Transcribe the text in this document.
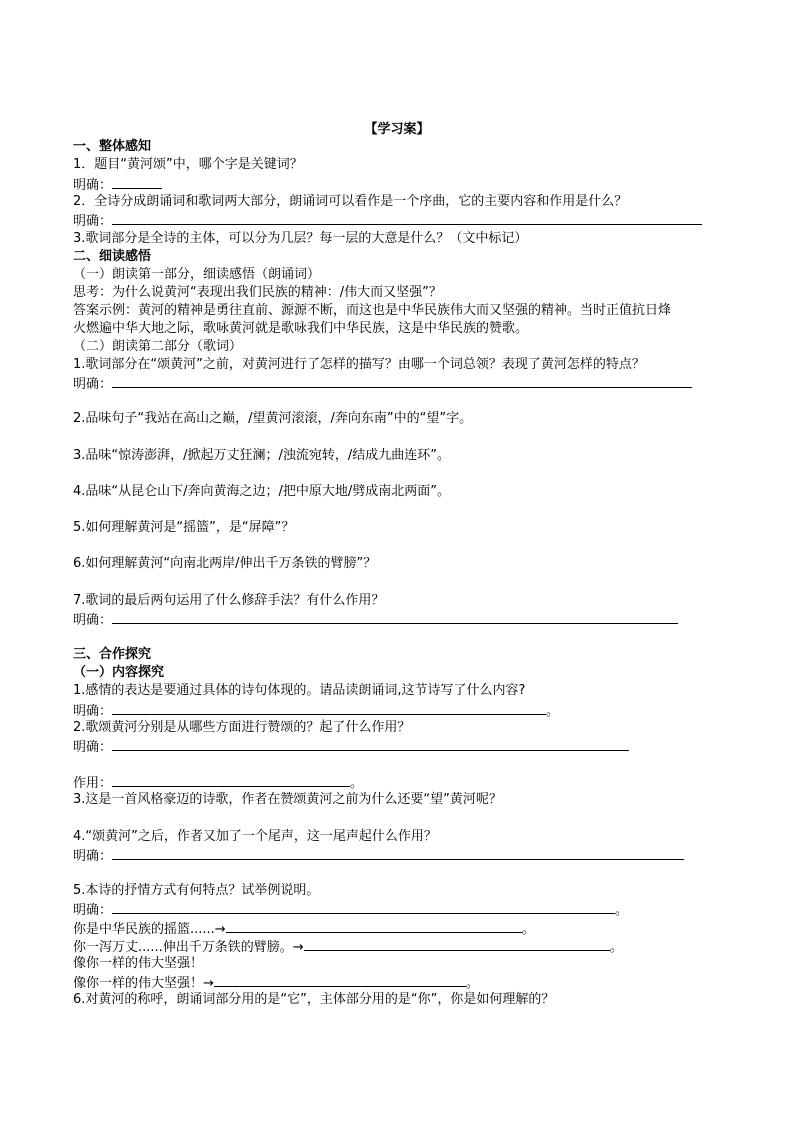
【学习案】
一、整体感知
1．题目“黄河颂”中，哪个字是关键词？
明确：
2．全诗分成朗诵词和歌词两大部分，朗诵词可以看作是一个序曲，它的主要内容和作用是什么？
明确：
3.歌词部分是全诗的主体，可以分为几层？每一层的大意是什么？（文中标记）
二、细读感悟
（一）朗读第一部分，细读感悟（朗诵词）
思考：为什么说黄河“表现出我们民族的精神：/伟大而又坚强”？
答案示例：黄河的精神是勇往直前、源源不断，而这也是中华民族伟大而又坚强的精神。当时正值抗日烽
火燃遍中华大地之际，歌咏黄河就是歌咏我们中华民族，这是中华民族的赞歌。
（二）朗读第二部分（歌词）
1.歌词部分在“颂黄河”之前，对黄河进行了怎样的描写？由哪一个词总领？表现了黄河怎样的特点？
明确：
2.品味句子“我站在高山之巅，/望黄河滚滚，/奔向东南”中的“望”字。
3.品味“惊涛澎湃，/掀起万丈狂澜；/浊流宛转，/结成九曲连环”。
4.品味“从昆仑山下/奔向黄海之边；/把中原大地/劈成南北两面”。
5.如何理解黄河是“摇篮”，是“屏障”？
6.如何理解黄河“向南北两岸/伸出千万条铁的臂膀”？
7.歌词的最后两句运用了什么修辞手法？有什么作用？
明确：
三、合作探究
（一）内容探究
1.感情的表达是要通过具体的诗句体现的。请品读朗诵词,这节诗写了什么内容?
明确：	。
2.歌颂黄河分别是从哪些方面进行赞颂的？起了什么作用？
明确：
作用：	。
3.这是一首风格豪迈的诗歌，作者在赞颂黄河之前为什么还要“望”黄河呢？
4.“颂黄河”之后，作者又加了一个尾声，这一尾声起什么作用？
明确：
5.本诗的抒情方式有何特点？试举例说明。
明确：	。
你是中华民族的摇篮......→	。
你一泻万丈......伸出千万条铁的臂膀。→	。
像你一样的伟大坚强！
像你一样的伟大坚强！→	。
6.对黄河的称呼，朗诵词部分用的是“它”，主体部分用的是“你”，你是如何理解的？
